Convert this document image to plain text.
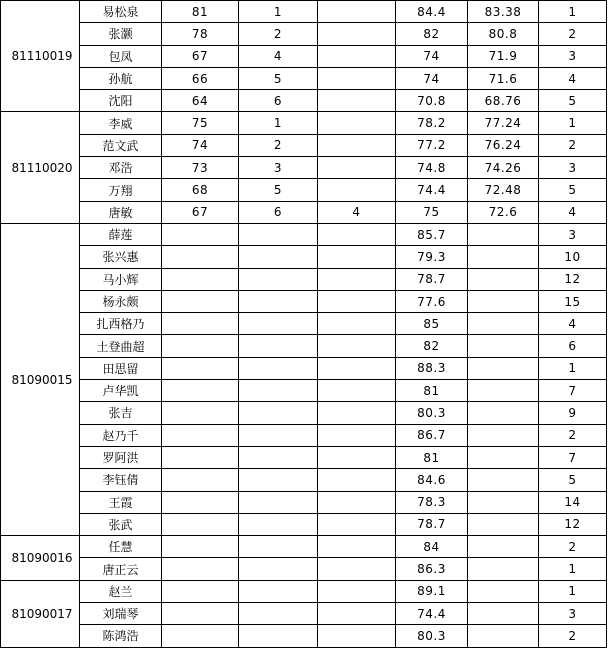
81110019	易松泉	81	1		84.4	83.38	1
	张灏	78	2		82	80.8	2
	包凤	67	4		74	71.9	3
	孙航	66	5		74	71.6	4
	沈阳	64	6		70.8	68.76	5
81110020	李威	75	1		78.2	77.24	1
	范文武	74	2		77.2	76.24	2
	邓浩	73	3		74.8	74.26	3
	万翔	68	5		74.4	72.48	5
	唐敏	67	6	4	75	72.6	4
81090015	薛莲				85.7		3
	张兴惠				79.3		10
	马小辉				78.7		12
	杨永颇				77.6		15
	扎西格乃				85		4
	土登曲超				82		6
	田思留				88.3		1
	卢华凯				81		7
	张吉				80.3		9
	赵乃千				86.7		2
	罗阿洪				81		7
	李钰倩				84.6		5
	王霞				78.3		14
	张武				78.7		12
81090016	任慧				84		2
	唐正云				86.3		1
81090017	赵兰				89.1		1
	刘瑞琴				74.4		3
	陈鸿浩				80.3		2
